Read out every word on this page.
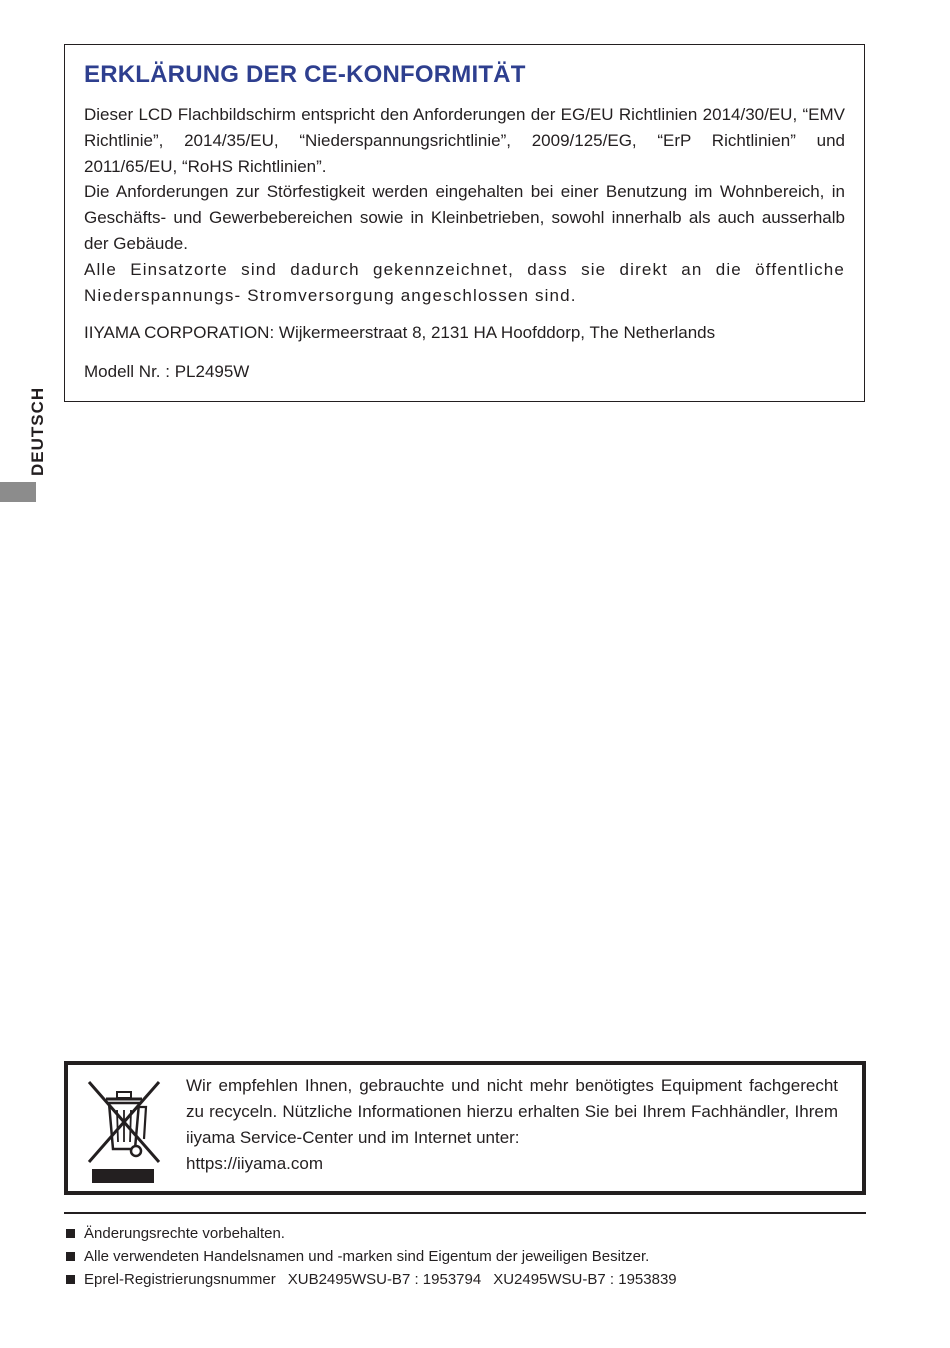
DEUTSCH
ERKLÄRUNG DER CE-KONFORMITÄT

Dieser LCD Flachbildschirm entspricht den Anforderungen der EG/EU Richtlinien 2014/30/EU, “EMV Richtlinie”, 2014/35/EU, “Niederspannungsrichtlinie”, 2009/125/EG, “ErP Richtlinien” und 2011/65/EU, “RoHS Richtlinien”.

Die Anforderungen zur Störfestigkeit werden eingehalten bei einer Benutzung im Wohnbereich, in Geschäfts- und Gewerbebereichen sowie in Kleinbetrieben, sowohl innerhalb als auch ausserhalb der Gebäude.

Alle Einsatzorte sind dadurch gekennzeichnet, dass sie direkt an die öffentliche Niederspannungs- Stromversorgung angeschlossen sind.

IIYAMA CORPORATION: Wijkermeerstraat 8, 2131 HA Hoofddorp, The Netherlands

Modell Nr. : PL2495W

Wir empfehlen Ihnen, gebrauchte und nicht mehr benötigtes Equipment fachgerecht zu recyceln. Nützliche Informationen hierzu erhalten Sie bei Ihrem Fachhändler, Ihrem iiyama Service-Center und im Internet unter:

https://iiyama.com
Änderungsrechte vorbehalten.
Alle verwendeten Handelsnamen und -marken sind Eigentum der jeweiligen Besitzer.
Eprel-Registrierungsnummer XUB2495WSU-B7 : 1953794 XU2495WSU-B7 : 1953839
